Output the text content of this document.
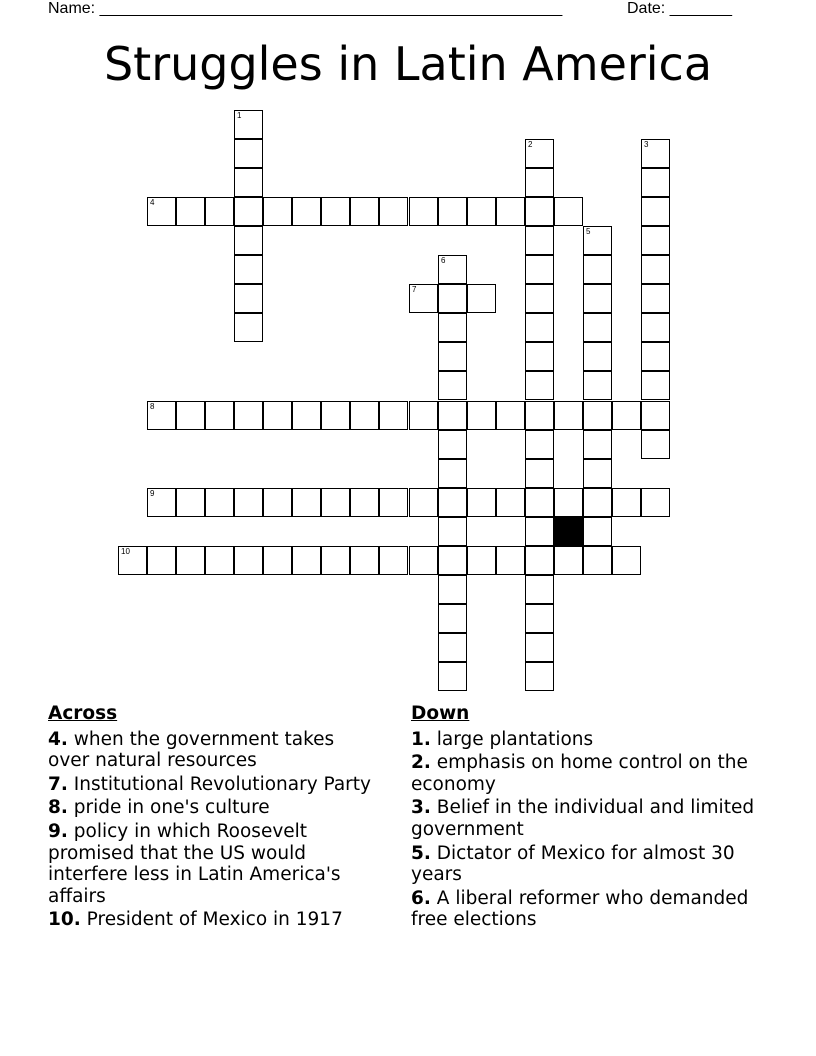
Name: ____________________________________________________	Date: _______
Struggles in Latin America
1
2	3
4
5
6
7
8
9
10
Across
4. when the government takes over natural resources
7. Institutional Revolutionary Party
8. pride in one's culture
9. policy in which Roosevelt promised that the US would interfere less in Latin America's affairs
10. President of Mexico in 1917
Down
1. large plantations
2. emphasis on home control on the economy
3. Belief in the individual and limited government
5. Dictator of Mexico for almost 30 years
6. A liberal reformer who demanded free elections
